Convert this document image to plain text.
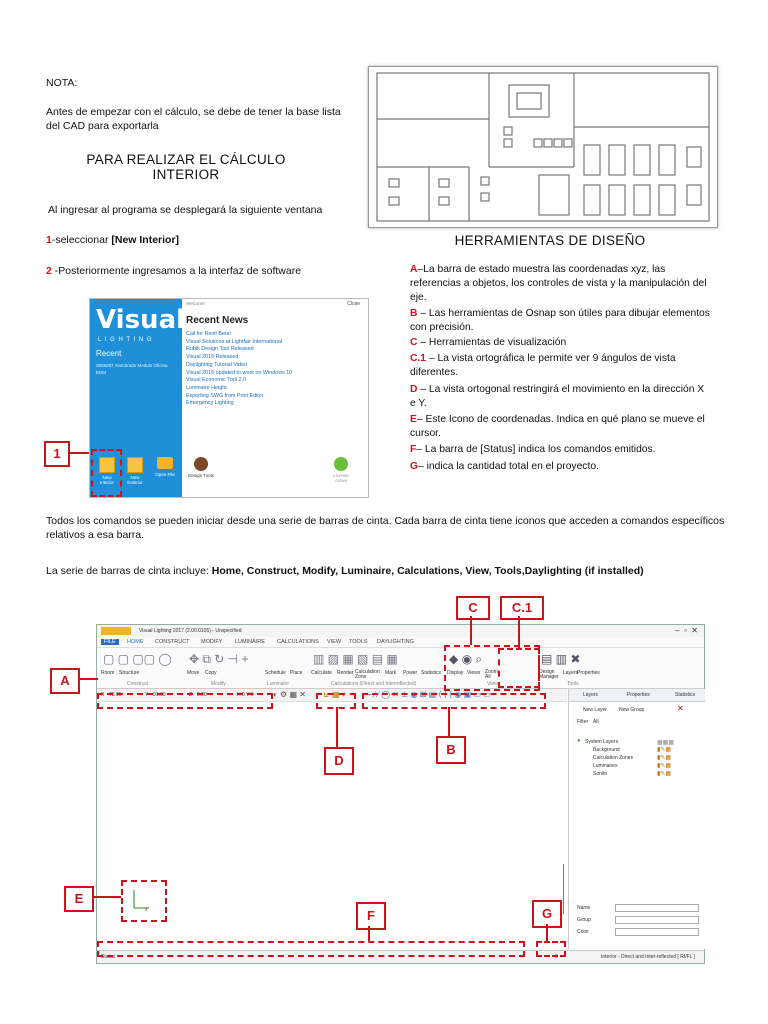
NOTA:
Antes de empezar con el cálculo, se debe de tener la base lista del CAD para exportarla
PARA REALIZAR EL CÁLCULO INTERIOR
Al ingresar al programa se desplegará la siguiente ventana
1-seleccionar [New Interior]
2 -Posteriormente ingresamos a la interfaz de software
HERRAMIENTAS DE DISEÑO
A–La barra de estado muestra las coordenadas xyz, las referencias a objetos, los controles de vista y la manipulación del eje.
B – Las herramientas de Osnap son útiles para dibujar elementos con precisión.
C – Herramientas de visualización
C.1 – La vista ortográfica le permite ver 9 ángulos de vista diferentes.
D – La vista ortogonal restringirá el movimiento en la dirección X e Y.
E– Este Icono de coordenadas. Indica en qué plano se mueve el cursor.
F– La barra de [Status] indica los comandos emitidos.
G– indica la cantidad total en el proyecto.
Visual
L I G H T I N G
Recent
3808297 Alumbrado Modulo Oficina
EDM
New Interior
New Exterior
Open File
Welcome	Close
Recent News
Call for Revit Beta!
Visual Solutions at Lightfair International
Rubik Design Tool Released
Visual 2016 Released
Daylighting Tutorial Video
Visual 2016 updated to work on Windows 10
Visual Economic Tool 2.0
Luminaire Height
Exporting SWG from Print Editor
Emergency Lighting
Design Tools	License Active
1
Todos los comandos se pueden iniciar desde una serie de barras de cinta. Cada barra de cinta tiene iconos que acceden a comandos específicos relativos a esa barra.
La serie de barras de cinta incluye: Home, Construct, Modify, Luminaire, Calculations, View, Tools,Daylighting (if installed)
Visual Lighting 2017 (2.00.0105) - Unspecified	–  ▫  ✕
FILE	HOME CONSTRUCT MODIFY LUMINAIRE CALCULATIONS VIEW TOOLS DAYLIGHTING
Room Structure	Move Copy	Schedule Place Calculate Render Calculation Zone
Mark Power Statistics Display Views Zoom All
Design Manager
Layers
Properties
Construct	Modify	Luminaire	Calculations (Direct and Interreflected)	View	Tools
▢ ▢ ▢▢ ◯ ✥ ⧉ ↻ ⊣ +	▥ ▨ ▦ ▧ ▤ ▦	◆ ◉ ⌕	▤ ▥ ✖
X 78.00	Y 01.00	Z 0.00	H 0 V 0 ◐ ⚙ ▦ ✕ ⊾ ▦ ▾	⌁ ∕ ∕ ◯ ✕ ⊥ ◉ ⊠ ▤ ⟨ ⟨ ⟨ ◉ ▣ ▭ ▭
x
Layers	Properties	Statistics
New Layer New Group	✕
Filter All
● System Layers
Background
Calculation Zones
Luminaires
Sonito
▦▦▦
▮✎▦
▮✎▦
▮✎▦
▮✎▦
Name
Group
Color
Status	0	Interior - Direct and Inter-reflected [ Rf/FL ]
C	C.1
A
D
B
E
F	G
